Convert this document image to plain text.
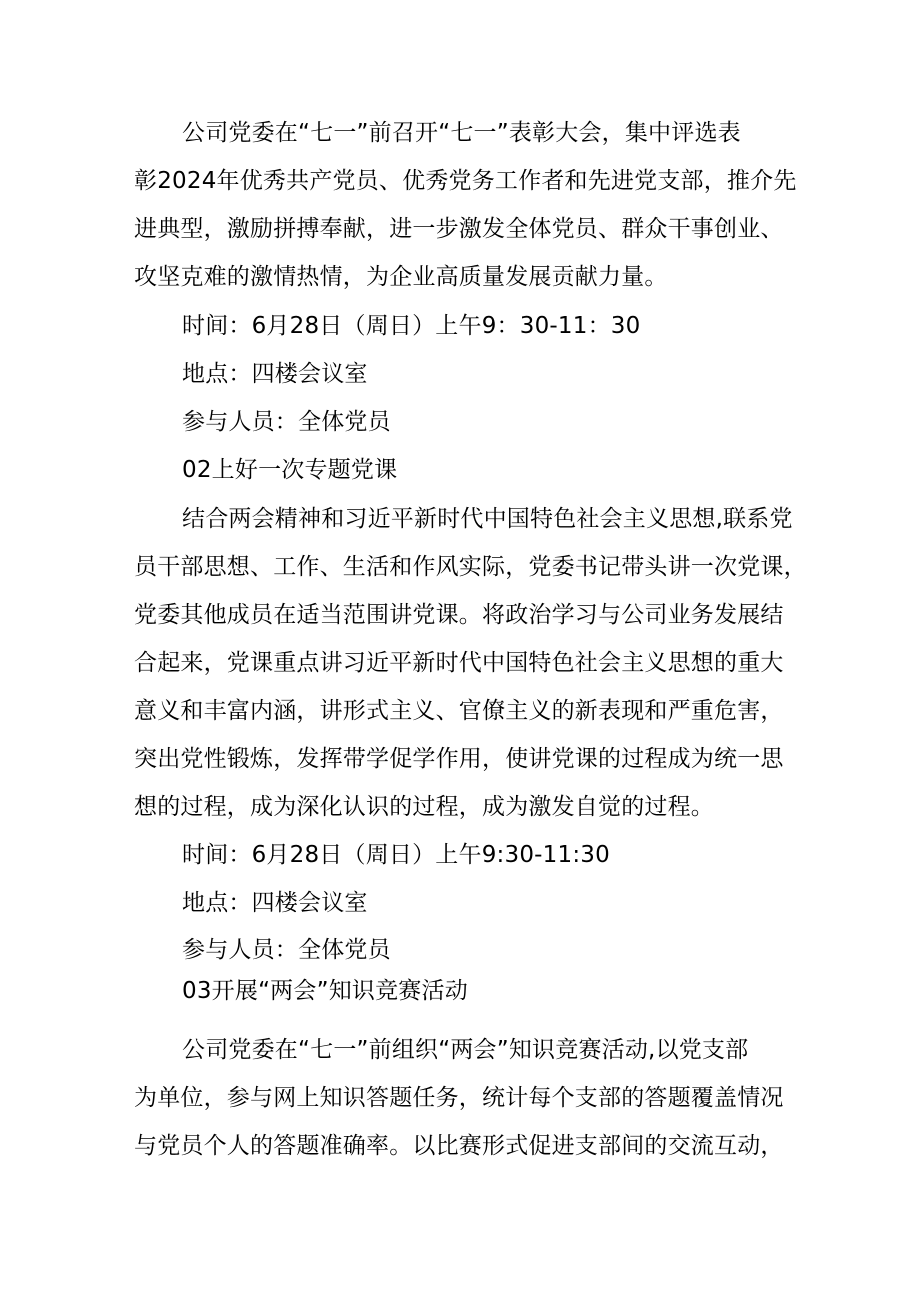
公司党委在“七一”前召开“七一”表彰大会，集中评选表
彰2024年优秀共产党员、优秀党务工作者和先进党支部，推介先
进典型，激励拼搏奉献，进一步激发全体党员、群众干事创业、
攻坚克难的激情热情，为企业高质量发展贡献力量。
时间：6月28日（周日）上午9：30-11：30
地点：四楼会议室
参与人员：全体党员
02上好一次专题党课
结合两会精神和习近平新时代中国特色社会主义思想,联系党
员干部思想、工作、生活和作风实际，党委书记带头讲一次党课，
党委其他成员在适当范围讲党课。将政治学习与公司业务发展结
合起来，党课重点讲习近平新时代中国特色社会主义思想的重大
意义和丰富内涵，讲形式主义、官僚主义的新表现和严重危害，
突出党性锻炼，发挥带学促学作用，使讲党课的过程成为统一思
想的过程，成为深化认识的过程，成为激发自觉的过程。
时间：6月28日（周日）上午9:30-11:30
地点：四楼会议室
参与人员：全体党员
03开展“两会”知识竞赛活动
公司党委在“七一”前组织“两会”知识竞赛活动,以党支部
为单位，参与网上知识答题任务，统计每个支部的答题覆盖情况
与党员个人的答题准确率。以比赛形式促进支部间的交流互动，
